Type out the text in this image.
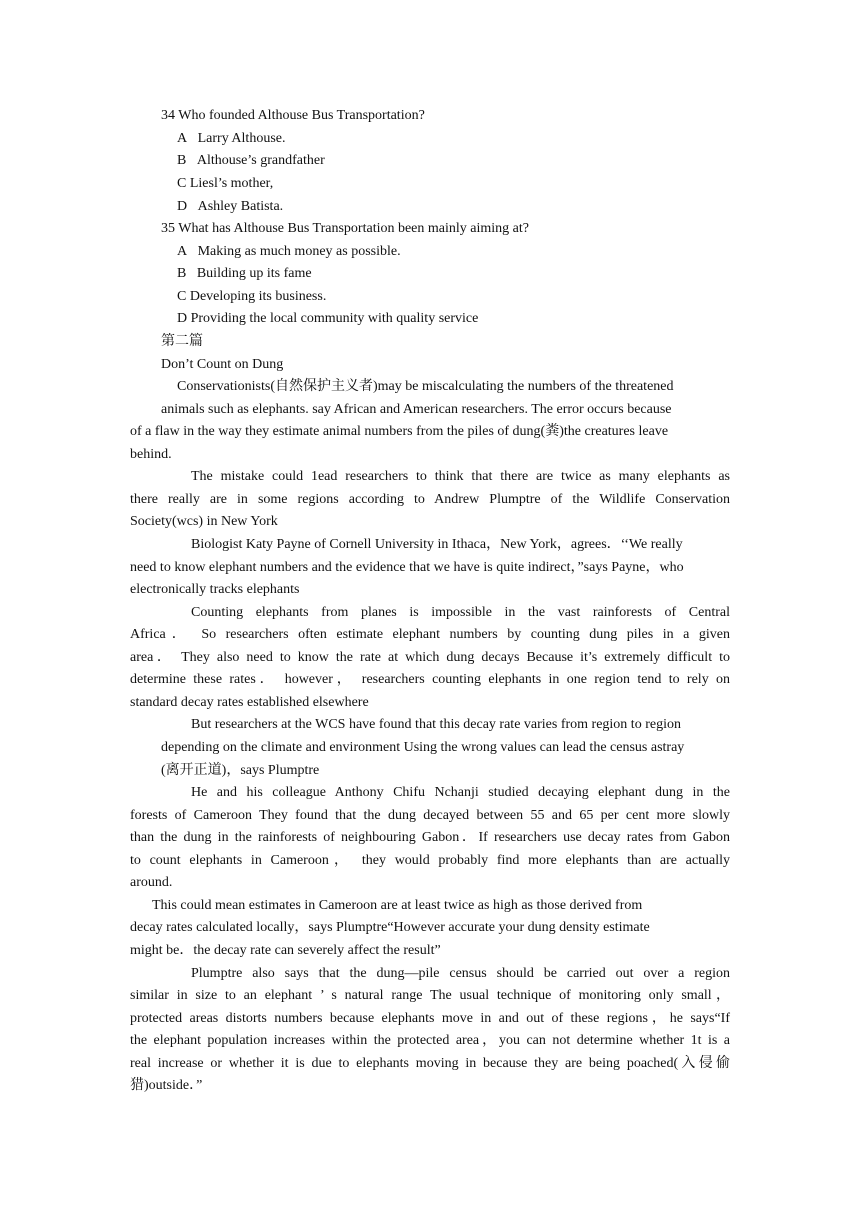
34 Who founded Althouse Bus Transportation?
A   Larry Althouse.
B   Althouse’s grandfather
C Liesl’s mother,
D   Ashley Batista.
35 What has Althouse Bus Transportation been mainly aiming at?
A   Making as much money as possible.
B   Building up its fame
C Developing its business.
D Providing the local community with quality service
第二篇
Don’t Count on Dung
Conservationists(自然保护主义者)may be miscalculating the numbers of the threatened
animals such as elephants. say African and American researchers. The error occurs because
of a flaw in the way they estimate animal numbers from the piles of dung(粪)the creatures leave
behind.
The mistake could 1ead researchers to think that there are twice as many elephants as
there really are in some regions according to Andrew Plumptre of the Wildlife Conservation
Society(wcs) in New York
Biologist Katy Payne of Cornell University in Ithaca，New York，agrees．‘‘We really
need to know elephant numbers and the evidence that we have is quite indirect，”says Payne，who
electronically tracks elephants
Counting elephants from planes is impossible in the vast rainforests of Central
Africa． So researchers often estimate elephant numbers by counting dung piles in a given
area． They also need to know the rate at which dung decays Because it’s extremely difficult to
determine these rates． however， researchers counting elephants in one region tend to rely on
standard decay rates established elsewhere
But researchers at the WCS have found that this decay rate varies from region to region
depending on the climate and environment Using the wrong values can lead the census astray
(离开正道)，says Plumptre
He and his colleague Anthony Chifu Nchanji studied decaying elephant dung in the
forests of Cameroon They found that the dung decayed between 55 and 65 per cent more slowly
than the dung in the rainforests of neighbouring Gabon．If researchers use decay rates from Gabon
to count elephants in Cameroon， they would probably find more elephants than are actually
around.
This could mean estimates in Cameroon are at least twice as high as those derived from
decay rates calculated locally，says Plumptre“However accurate your dung density estimate
might be．the decay rate can severely affect the result”
Plumptre also says that the dung—pile census should be carried out over a region
similar in size to an elephant ’ s natural range The usual technique of monitoring only small，
protected areas distorts numbers because elephants move in and out of these regions，he says“If
the elephant population increases within the protected area，you can not determine whether 1t is a
real increase or whether it is due to elephants moving in because they are being poached(入侵偷
猎)outside．”
